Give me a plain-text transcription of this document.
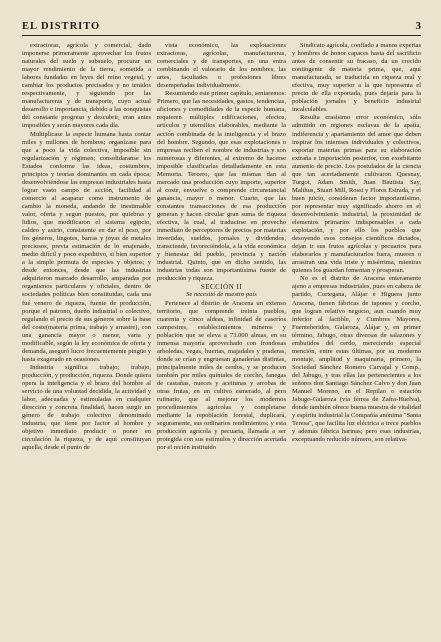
EL DISTRITO	3

extractoras, agrícola y comercial, dado imponerse primeramente aprovechar los frutos naturales del suelo y subsuelo, procurar un mayor rendimiento de la tierra, sometida a labores fundadas en leyes del reino vegetal, y cambiar los productos precisados y no tenidos respectivamente, y siguiendo por las manufactureras y de transporte, cuyo actual desarrollo e importancia, debido a las conquistas del constante progreso y descubrir, eran antes imposibles y serán mayores cada día.

Multiplicase la especie humana hasta contar miles y millones de hombres; organízase para que a poco la vida colectiva, imposible sin regularización y régimen; consolidaranse los Estados conforme las ideas, costumbres, principios y teorías dominantes en cada época; desenvolviéndose las empresas industriales hasta lograr vasto campo de acción, facilidad al comercio al acaparar como instrumento de cambio la moneda, andando de inestimable valor, oferta y segun puestos, por quiebras y lidios, que modificaron el sistema egipcio, caldeo y asirio, consistente en dar el peso, por los géneros, lingotes, barras y joyas de metales preciosos, previa estimación de lo enajenado, medio difícil y poco expeditivo, si bien superior a la simple permuta de especies y objetos; y desde entonces, desde que las industrias adquirieron marcado desarrollo, amparadas por organismos particulares y oficiales, dentro de sociedades políticas bien constituidas, cada una fué venero de riqueza, fuente de producción, porque el patrono, dueño industrial o colectivo, regulando el precio de sus géneros sobre la base del coste(materia prima, trabajo y arrastre), con una ganancia mayor o menor, varia y modificable, según la ley económica de oferta y demanda, aseguró lucro frecuentemente pingüe y hasta exagerado en ocasiones.

Industria significa trabajo; trabajo, producción, y producción, riqueza. Donde quiera opera la inteligencia y el brazo del hombre al servicio de una voluntad decidida, la actividad y labor, adecuadas y estimuladas en cualquier dirección y concreta finalidad, hacen surgir un género de trabajo colectivo denominado industria, que tiene por factor al hombre y objetivo inmediato producir o poner en circulación la riqueza, y de aquí constituyan aquella, desde el punto de

vista económico, las explotaciones extractoras, agrícolas, manufactureras, comerciales y de transportes, en una entra combinando el valorario de los nombres, las artes, facultades o profesiones libres desempeñadas individualmente.

Resumiendo este primer capítulo, sentaremos: Primero, que las necesidades, gastos, tendencias, aficiones y comodidades de la especie humana, requieren múltiples edificaciones, efectos, artículos y utensilios elaborables, mediante la acción combinada de la inteligencia y el brazo del hombre. Segundo, que esas explotaciones o empresas reciben el nombre de industrias y son numerosas y diferentes, al extremo de hacerse imposible clasificarlas detalladamente en esta Memoria. Tercero, que las mismas dan al mercado una producción cuyo importe, superior al coste, envuelve o comprende circunstancial ganancia, mayor o menor. Cuarto, que las constantes transacciones de esa producción generan y hacen circular gran suma de riqueza efectiva, la cual, al traducirse en provecho inmediato de perceptores de precios por materias invertidas, sueldos, jornales y dividendos, transciende, favoreciéndola, a la vida económica y bienestar del pueblo, provincia y nación industrial. Quinto, que en dicho sentido, las industrias todas son importantísima fuente de producción y riqueza.

SECCIÓN II

Se necesitó de nuestro país

Pertenece al distrito de Aracena un extenso territorio, que comprende treinta pueblos, cuarenta y cinco aldeas, infinidad de caseríos campestres, establecimientos mineros y población que se eleva a 73.000 almas, en su inmensa mayoría aprovechado con frondosas arboledas, vegas, huertas, majadales y praderas, donde se crían y engruesan ganaderías distintas, principalmente miles de cerdos, y se producen también por miles quintales de corcho, fanegas de castañas, nueces y aceitunas y arrobas de otras frutas, en un cultivo esmerado, al pero rutinario, que al mejorar los modernos procedimientos agrícolas y completarse mediante la repoblación forestal, duplicará, seguramente, sus ordinarios rendimientos; y esta producción agrícola y pecuaria, llamada a ser protegida con sus estímulos y dirección acertada por el recién instituido

Sindicato agrícola, confiado a manos expertas y hombres de honor capaces hasta del sacrificio antes de consentir su fracaso, da un crecido contingente de materia prima, que, aquí manufacturada, se traduciría en riqueza real y efectiva, muy superior a la que representa el precio de ella exportada, pues dejaría para la población jornales y beneficio industrial incalculables.

Resulta crasísimo error económico, sólo admitido en regiones esclavas de la apatía, indiferencia y apartamiento del amor que deben inspirar los intereses individuales y colectivos, exportar materias primas para su elaboración extraña e importación posterior, con exorbitante aumento de precio. Los postulados de la ciencia que tan acertadamente cultivaron Quesnay, Turgot, Adam Smith, Juan Bautista Say, Malthus, Stuart Mill, Rossi y Flores Estrada, y el buen juicio, consideran factor importantísimo, por representar muy significado ahorro en el desenvolvimiento industrial, la proximidad de elementos primarios indispensables a cada explotación, y por ello los pueblos que desoyendo esos consejos científicos dictados, dejan ir sus frutos agrícolas y pecuarios para elaborarlos y manufacturarlos fuera, mueren o arrastran una vida triste y misérrima, mientras quienes los guardan fomentan y prosperan.

No es el distrito de Aracena enteramente ajeno a empresas industriales, pues en cabeza de partido, Cortegana, Alájar e Higuera junto Aracena, tienen fábricas de tapones y corcho, que logran relativo negocio, aun cuando muy inferior al factible, y Cumbres Mayores, Fuenteheridos, Galaroza, Alájar y, en primer término, Jabugo, otras diversas de salazones y embutidos del cerdo, mereciendo especial mención, entre estas últimas, por su moderno montaje, amplitud y maquinaria, primero, la Sociedad Sánchez Romero Carvajal y Comp., del Jabugo, y tras ellas las pertenecientes a los señores don Santiago Sánchez Calvo y don Juan Manuel Moreno, en el Repilao o estación Jabugo-Galaroza (vía férrea de Zafra-Huelva), donde también ofrece buena muestra de vitalidad y espíritu industrial la Compañía anónima "Santa Teresa", que facilita luz eléctrica a trece pueblos y además fábrica harinas; pero esas industrias, exceptuando reducido número, son relativa-
